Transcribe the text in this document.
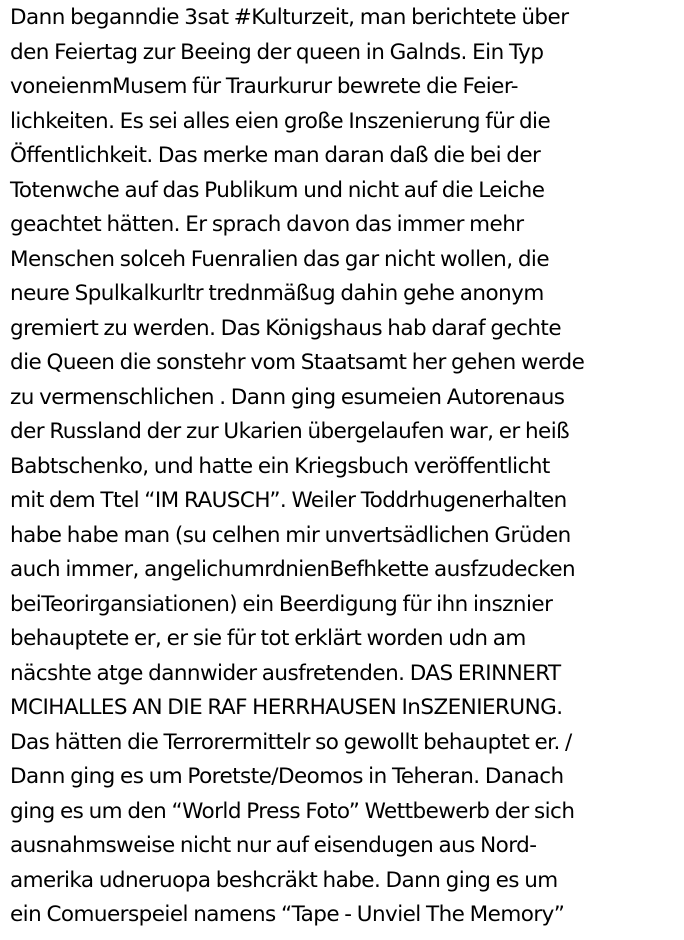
Dann beganndie 3sat #Kulturzeit, man berichtete über
den Feiertag zur Beeing der queen in Galnds. Ein Typ
voneienmMusem für Traurkurur bewrete die Feier-
lichkeiten. Es sei alles eien große Inszenierung für die
Öffentlichkeit. Das merke man daran daß die bei der
Totenwche auf das Publikum und nicht auf die Leiche
geachtet hätten. Er sprach davon das immer mehr
Menschen solceh Fuenralien das gar nicht wollen, die
neure Spulkalkurltr trednmäßug dahin gehe anonym
gremiert zu werden. Das Königshaus hab daraf gechte
die Queen die sonstehr vom Staatsamt her gehen werde
zu vermenschlichen . Dann ging esumeien Autorenaus
der Russland der zur Ukarien übergelaufen war, er heiß
Babtschenko, und hatte ein Kriegsbuch veröffentlicht
mit dem Ttel “IM RAUSCH”. Weiler Toddrhugenerhalten
habe habe man (su celhen mir unvertsädlichen Grüden
auch immer, angelichumrdnienBefhkette ausfzudecken
beiTeorirgansiationen) ein Beerdigung für ihn insznier
behauptete er, er sie für tot erklärt worden udn am
näcshte atge dannwider ausfretenden. DAS ERINNERT
MCIHALLES AN DIE RAF HERRHAUSEN InSZENIERUNG.
Das hätten die Terrorermittelr so gewollt behauptet er. /
Dann ging es um Poretste/Deomos in Teheran. Danach
ging es um den “World Press Foto” Wettbewerb der sich
ausnahmsweise nicht nur auf eisendugen aus Nord-
amerika udneruopa beshcräkt habe. Dann ging es um
ein Comuerspeiel namens “Tape - Unviel The Memory”
